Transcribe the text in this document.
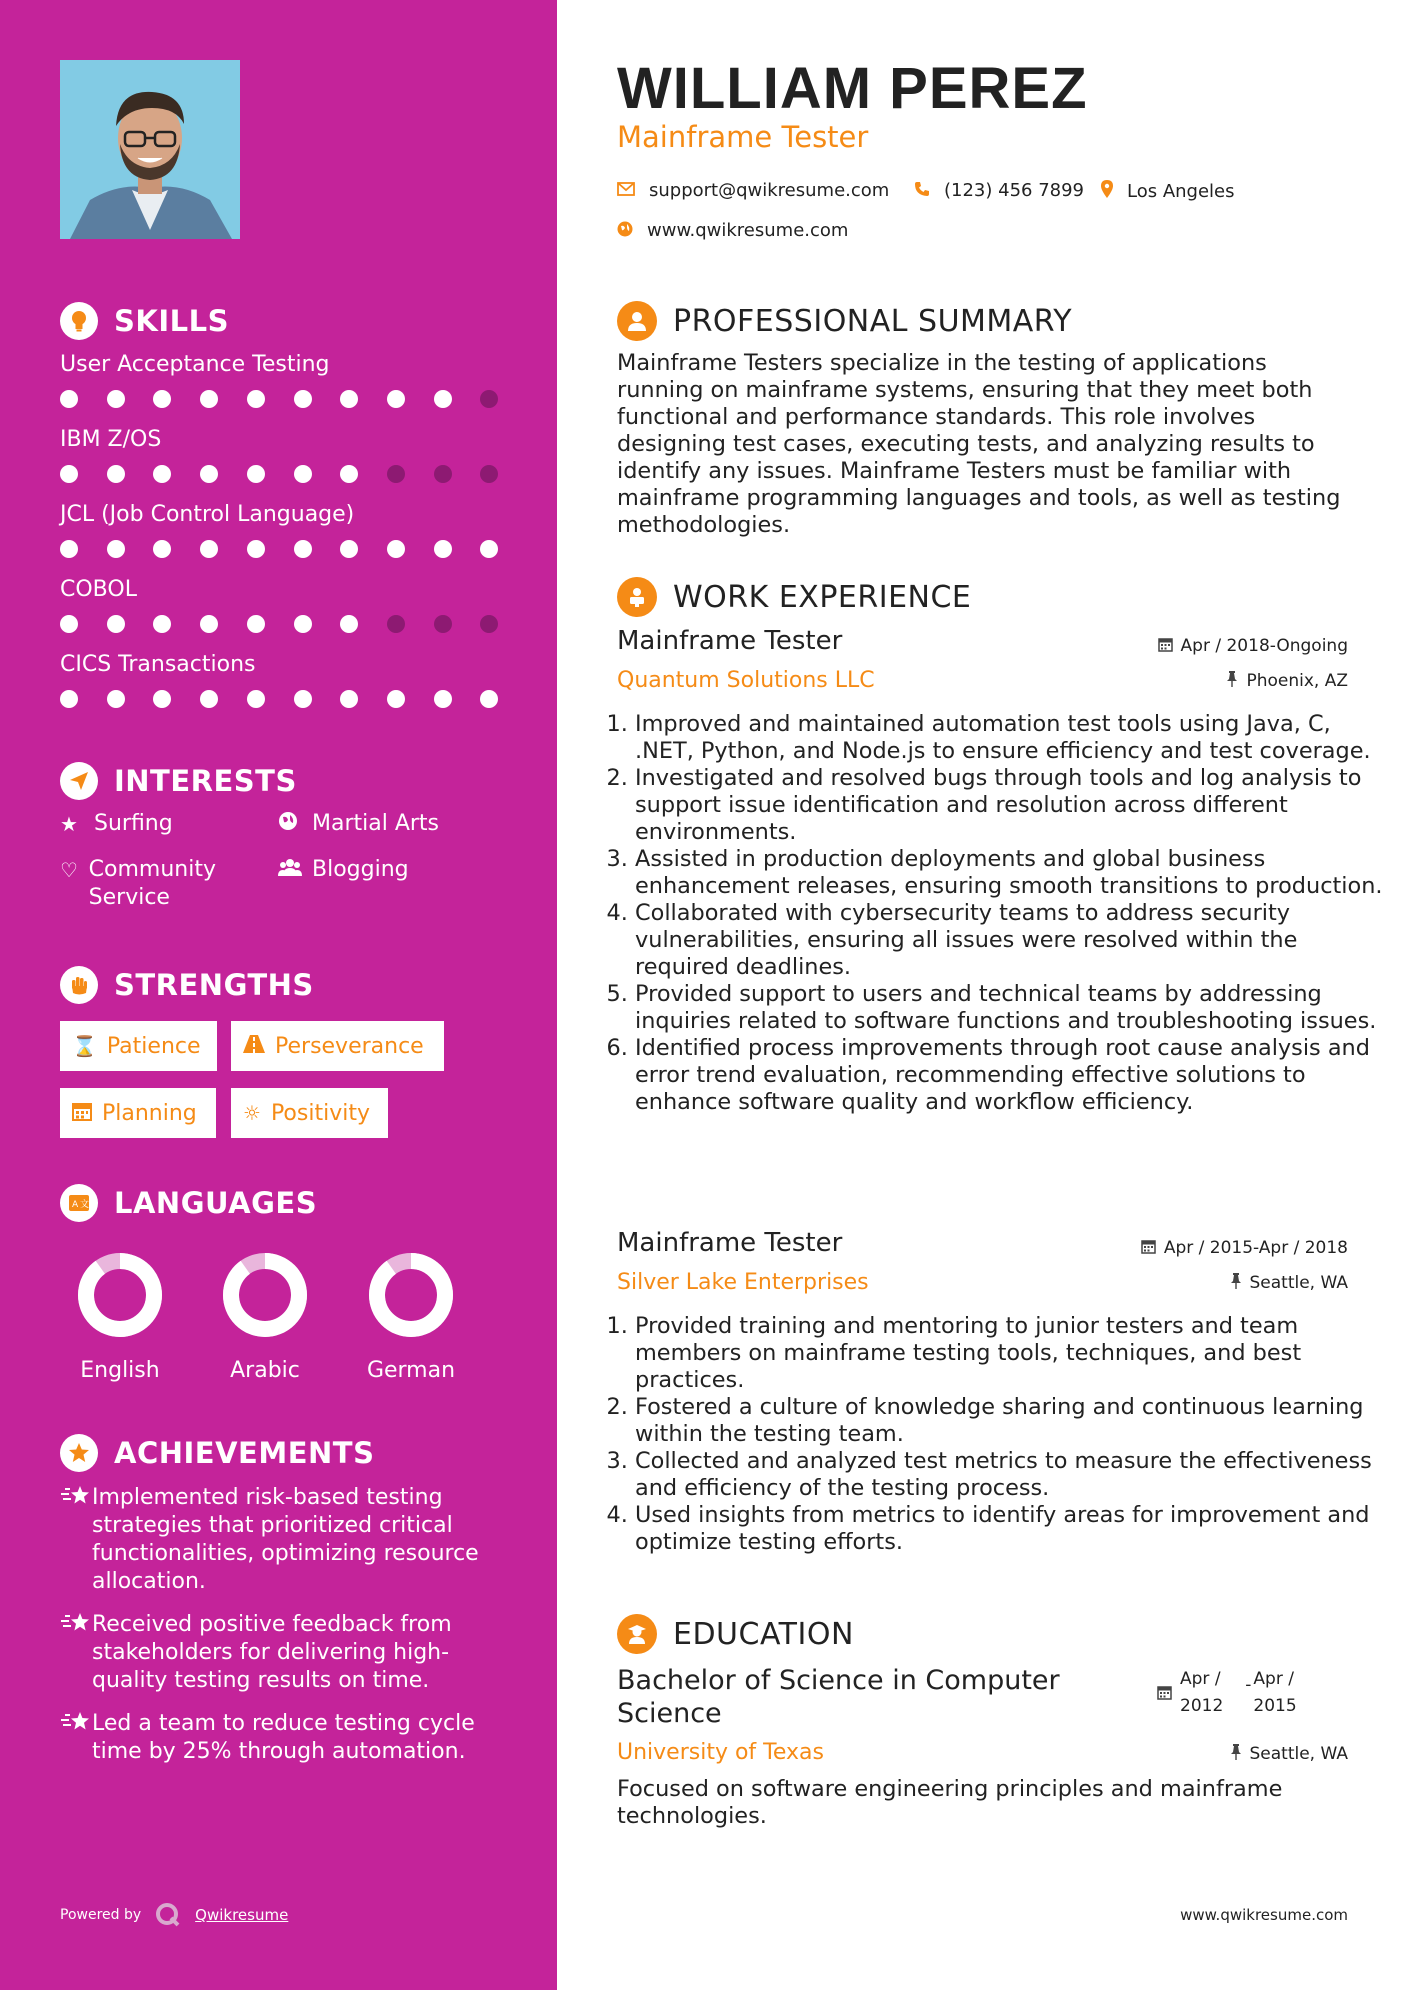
SKILLS
User Acceptance Testing
IBM Z/OS
JCL (Job Control Language)
COBOL
CICS Transactions
INTERESTS
★ Surfing	Martial Arts
♡ Community Service
Blogging
STRENGTHS
⌛ Patience	Perseverance
Planning ☼ Positivity
A 文 LANGUAGES
English	Arabic	German
ACHIEVEMENTS
Implemented risk-based testing strategies that prioritized critical functionalities, optimizing resource allocation.
Received positive feedback from stakeholders for delivering high-quality testing results on time.
Led a team to reduce testing cycle time by 25% through automation.
Powered by	Qwikresume
WILLIAM PEREZ
Mainframe Tester
support@qwikresume.com	(123) 456 7899 Los Angeles
www.qwikresume.com
PROFESSIONAL SUMMARY
Mainframe Testers specialize in the testing of applications running on mainframe systems, ensuring that they meet both functional and performance standards. This role involves designing test cases, executing tests, and analyzing results to identify any issues. Mainframe Testers must be familiar with mainframe programming languages and tools, as well as testing methodologies.
WORK EXPERIENCE
Mainframe Tester
Quantum Solutions LLC
Apr / 2018-Ongoing
Phoenix, AZ
1. Improved and maintained automation test tools using Java, C, .NET, Python, and Node.js to ensure efficiency and test coverage.
2. Investigated and resolved bugs through tools and log analysis to support issue identification and resolution across different environments.
3. Assisted in production deployments and global business enhancement releases, ensuring smooth transitions to production.
4. Collaborated with cybersecurity teams to address security vulnerabilities, ensuring all issues were resolved within the required deadlines.
5. Provided support to users and technical teams by addressing inquiries related to software functions and troubleshooting issues.
6. Identified process improvements through root cause analysis and error trend evaluation, recommending effective solutions to enhance software quality and workflow efficiency.
Mainframe Tester
Silver Lake Enterprises
Apr / 2015-Apr / 2018
Seattle, WA
1. Provided training and mentoring to junior testers and team members on mainframe testing tools, techniques, and best practices.
2. Fostered a culture of knowledge sharing and continuous learning within the testing team.
3. Collected and analyzed test metrics to measure the effectiveness and efficiency of the testing process.
4. Used insights from metrics to identify areas for improvement and optimize testing efforts.
EDUCATION
Bachelor of Science in Computer Science
University of Texas
Apr /
2012
- Apr /
2015
Seattle, WA
Focused on software engineering principles and mainframe technologies.
www.qwikresume.com
